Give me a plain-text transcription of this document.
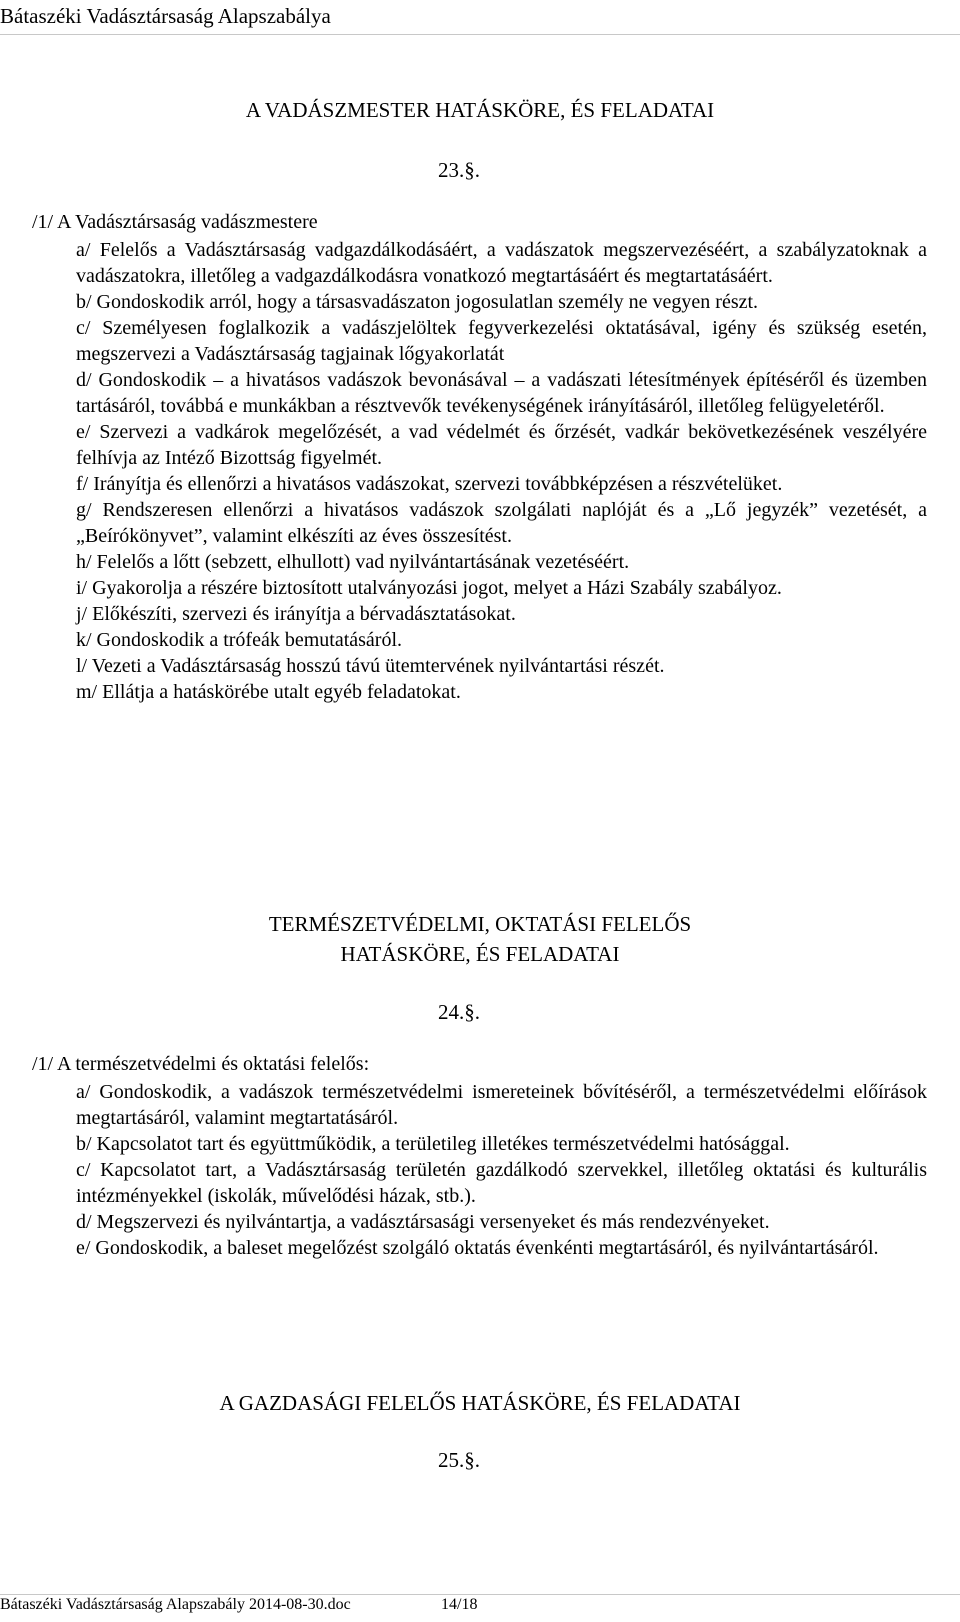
Bátaszéki Vadásztársaság Alapszabálya
A VADÁSZMESTER HATÁSKÖRE, ÉS FELADATAI
23.§.
/1/ A Vadásztársaság vadászmestere

a/ Felelős a Vadásztársaság vadgazdálkodásáért, a vadászatok megszervezéséért, a szabályzatoknak a vadászatokra, illetőleg a vadgazdálkodásra vonatkozó megtartásáért és megtartatásáért.

b/ Gondoskodik arról, hogy a társasvadászaton jogosulatlan személy ne vegyen részt.

c/ Személyesen foglalkozik a vadászjelöltek fegyverkezelési oktatásával, igény és szükség esetén, megszervezi a Vadásztársaság tagjainak lőgyakorlatát

d/ Gondoskodik – a hivatásos vadászok bevonásával – a vadászati létesítmények építéséről és üzemben tartásáról, továbbá e munkákban a résztvevők tevékenységének irányításáról, illetőleg felügyeletéről.

e/ Szervezi a vadkárok megelőzését, a vad védelmét és őrzését, vadkár bekövetkezésének veszélyére felhívja az Intéző Bizottság figyelmét.

f/ Irányítja és ellenőrzi a hivatásos vadászokat, szervezi továbbképzésen a részvételüket.

g/ Rendszeresen ellenőrzi a hivatásos vadászok szolgálati naplóját és a „Lő jegyzék” vezetését, a „Beírókönyvet”, valamint elkészíti az éves összesítést.

h/ Felelős a lőtt (sebzett, elhullott) vad nyilvántartásának vezetéséért.

i/ Gyakorolja a részére biztosított utalványozási jogot, melyet a Házi Szabály szabályoz.

j/ Előkészíti, szervezi és irányítja a bérvadásztatásokat.

k/ Gondoskodik a trófeák bemutatásáról.

l/ Vezeti a Vadásztársaság hosszú távú ütemtervének nyilvántartási részét.

m/ Ellátja a hatáskörébe utalt egyéb feladatokat.

TERMÉSZETVÉDELMI, OKTATÁSI FELELŐS
HATÁSKÖRE, ÉS FELADATAI
24.§.
/1/ A természetvédelmi és oktatási felelős:

a/ Gondoskodik, a vadászok természetvédelmi ismereteinek bővítéséről, a természetvédelmi előírások megtartásáról, valamint megtartatásáról.

b/ Kapcsolatot tart és együttműködik, a területileg illetékes természetvédelmi hatósággal.

c/ Kapcsolatot tart, a Vadásztársaság területén gazdálkodó szervekkel, illetőleg oktatási és kulturális intézményekkel (iskolák, művelődési házak, stb.).

d/ Megszervezi és nyilvántartja, a vadásztársasági versenyeket és más rendezvényeket.

e/ Gondoskodik, a baleset megelőzést szolgáló oktatás évenkénti megtartásáról, és nyilvántartásáról.

A GAZDASÁGI FELELŐS HATÁSKÖRE, ÉS FELADATAI
25.§.
Bátaszéki Vadásztársaság Alapszabály 2014-08-30.doc	14/18
